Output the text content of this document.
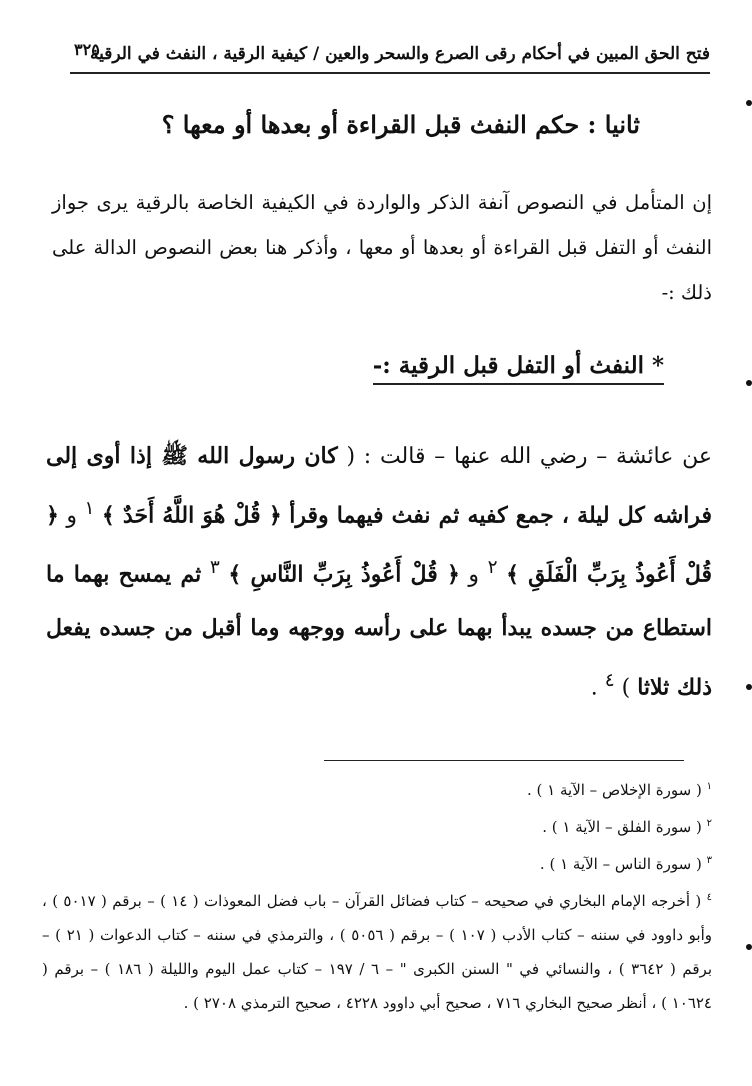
٣٢٥
فتح الحق المبين في أحكام رقى الصرع والسحر والعين / كيفية الرقية ، النفث في الرقية
ثانيا : حكم النفث قبل القراءة أو بعدها أو معها ؟

إن المتأمل في النصوص آنفة الذكر والواردة في الكيفية الخاصة بالرقية يرى جواز النفث أو التفل قبل القراءة أو بعدها أو معها ، وأذكر هنا بعض النصوص الدالة على ذلك :-

* النفث أو التفل قبل الرقية :-

عن عائشة – رضي الله عنها – قالت : ( كان رسول الله ﷺ إذا أوى إلى فراشه كل ليلة ، جمع كفيه ثم نفث فيهما وقرأ ﴿ قُلْ هُوَ اللَّهُ أَحَدٌ ﴾ $^١$ و ﴿ قُلْ أَعُوذُ بِرَبِّ الْفَلَقِ ﴾ $^٢$ و ﴿ قُلْ أَعُوذُ بِرَبِّ النَّاسِ ﴾ $^٣$ ثم يمسح بهما ما استطاع من جسده يبدأ بهما على رأسه ووجهه وما أقبل من جسده يفعل ذلك ثلاثا ) $^٤$ .

$^١$ ( سورة الإخلاص – الآية ١ ) .

$^٢$ ( سورة الفلق – الآية ١ ) .

$^٣$ ( سورة الناس – الآية ١ ) .

$^٤$ ( أخرجه الإمام البخاري في صحيحه – كتاب فضائل القرآن – باب فضل المعوذات ( ١٤ ) – برقم ( ٥٠١٧ ) ، وأبو داوود في سننه – كتاب الأدب ( ١٠٧ ) – برقم ( ٥٠٥٦ ) ، والترمذي في سننه – كتاب الدعوات ( ٢١ ) – برقم ( ٣٦٤٢ ) ، والنسائي في " السنن الكبرى " – ٦ / ١٩٧ – كتاب عمل اليوم والليلة ( ١٨٦ ) – برقم ( ١٠٦٢٤ ) ، أنظر صحيح البخاري ٧١٦ ، صحيح أبي داوود ٤٢٢٨ ، صحيح الترمذي ٢٧٠٨ ) .
